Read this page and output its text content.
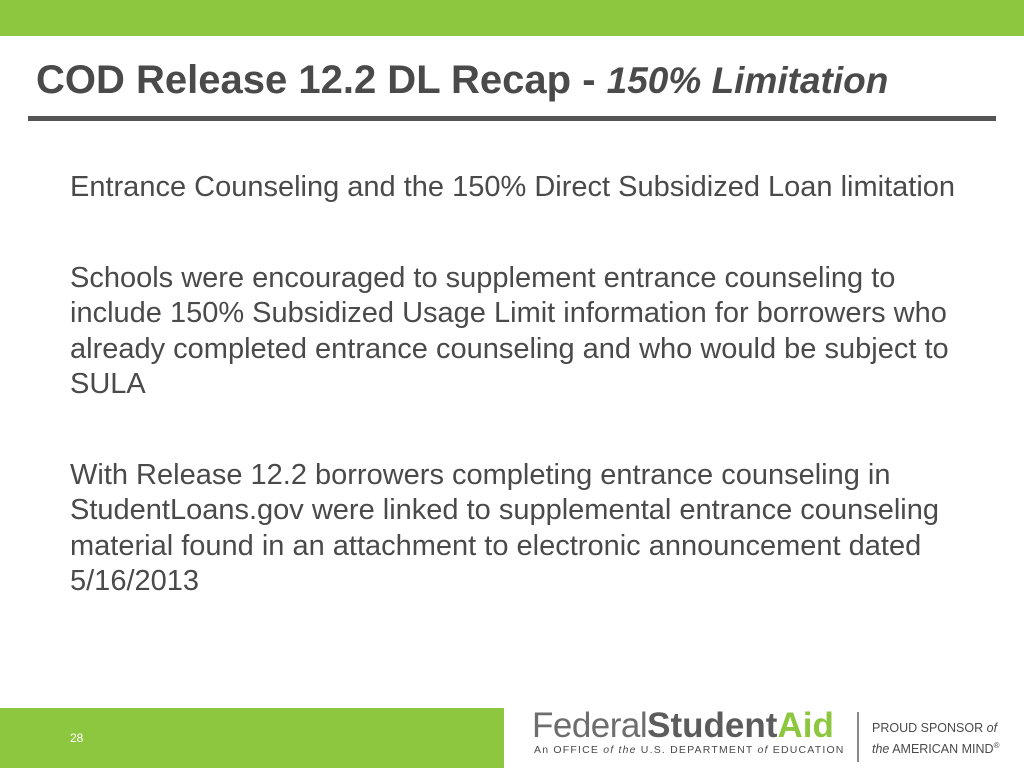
COD Release 12.2 DL Recap - 150% Limitation

Entrance Counseling and the 150% Direct Subsidized Loan limitation

Schools were encouraged to supplement entrance counseling to include 150% Subsidized Usage Limit information for borrowers who already completed entrance counseling and who would be subject to SULA

With Release 12.2 borrowers completing entrance counseling in StudentLoans.gov were linked to supplemental entrance counseling material found in an attachment to electronic announcement dated 5/16/2013

28	FederalStudentAid
An OFFICE of the U.S. DEPARTMENT of EDUCATION
PROUD SPONSOR of
the AMERICAN MIND®
